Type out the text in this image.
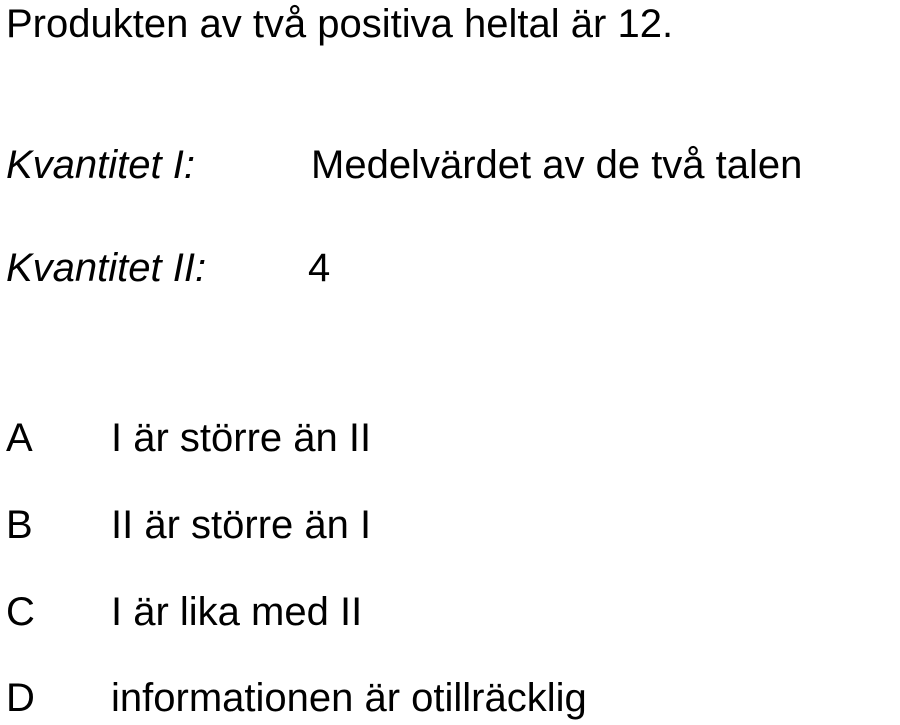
Produkten av två positiva heltal är 12.
Kvantitet I:	Medelvärdet av de två talen
Kvantitet II:	4
A I är större än II
B II är större än I
C I är lika med II
D informationen är otillräcklig
